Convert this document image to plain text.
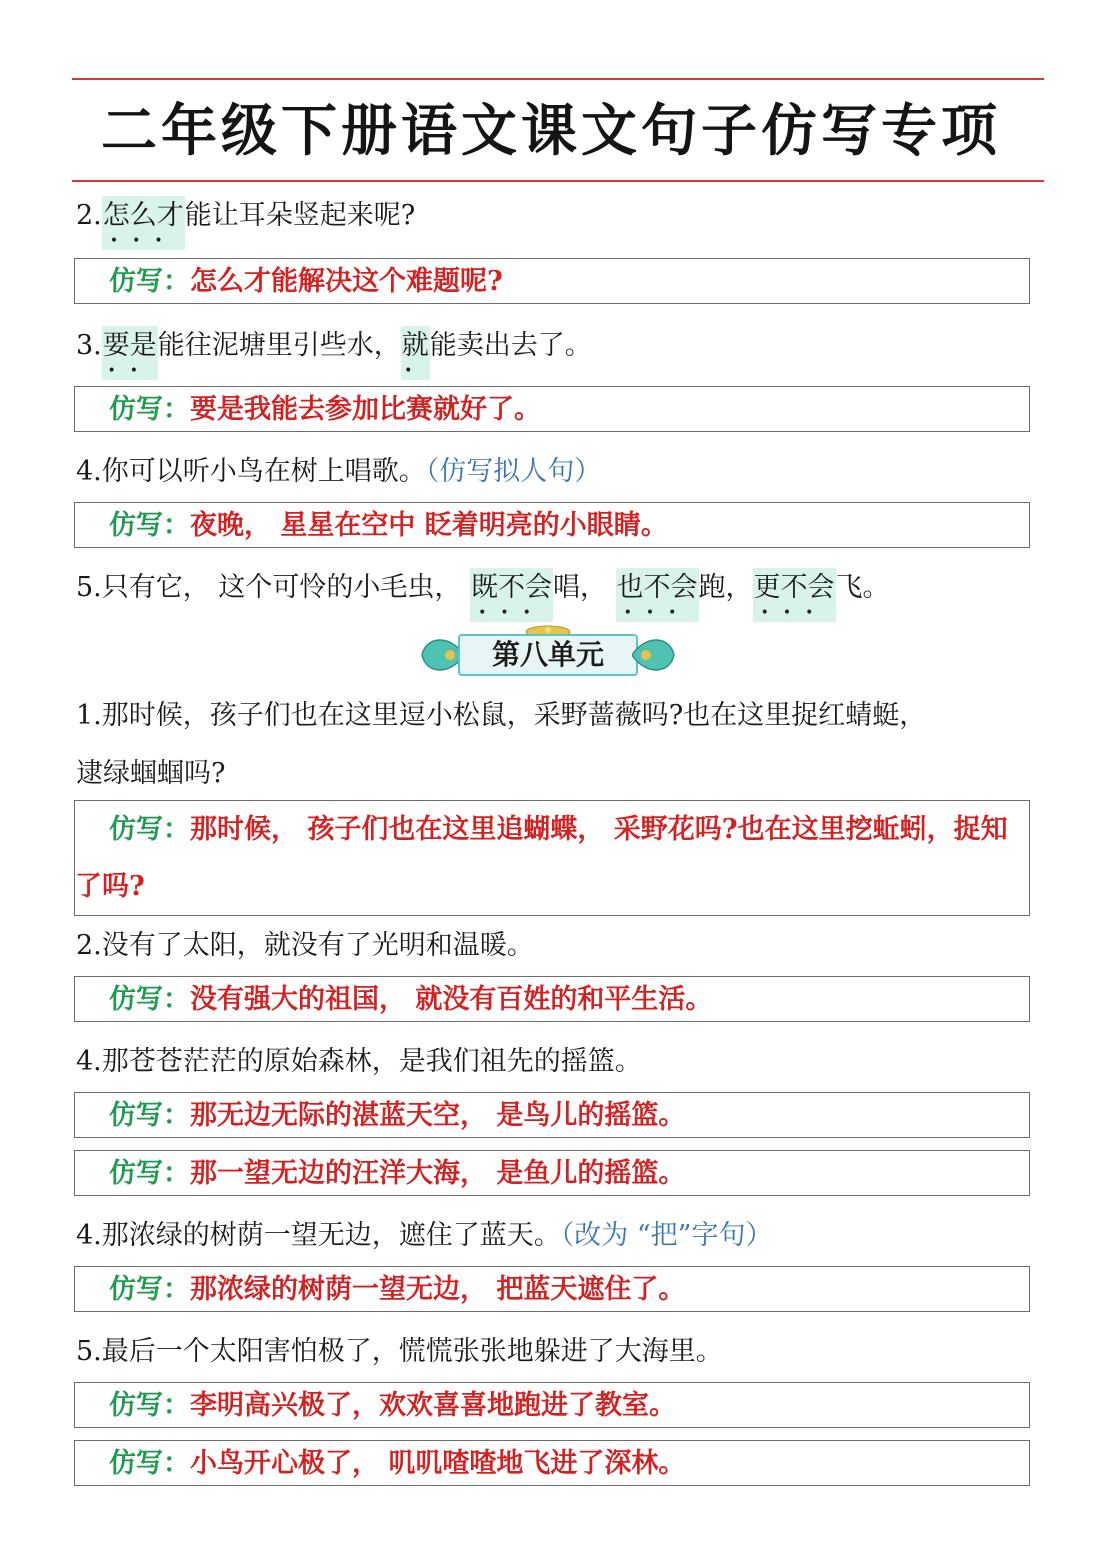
二年级下册语文课文句子仿写专项
2.怎么才
•••
能让耳朵竖起来呢?
仿写：怎么才能解决这个难题呢?
3.要是
••
能往泥塘里引些水，就
•
能卖出去了。
仿写：要是我能去参加比赛就好了。
4.你可以听小鸟在树上唱歌。（仿写拟人句）
仿写：夜晚， 星星在空中 眨着明亮的小眼睛。
5.只有它， 这个可怜的小毛虫， 既不会
•••
唱， 也不会
•••
跑，更不会
•••
飞。
第八单元
1.那时候，孩子们也在这里逗小松鼠，采野蔷薇吗?也在这里捉红蜻蜓，
逮绿蝈蝈吗?
仿写：那时候， 孩子们也在这里追蝴蝶， 采野花吗?也在这里挖蚯蚓，捉知了吗?
2.没有了太阳，就没有了光明和温暖。
仿写：没有强大的祖国， 就没有百姓的和平生活。
4.那苍苍茫茫的原始森林，是我们祖先的摇篮。
仿写：那无边无际的湛蓝天空， 是鸟儿的摇篮。
仿写：那一望无边的汪洋大海， 是鱼儿的摇篮。
4.那浓绿的树荫一望无边，遮住了蓝天。（改为 “把”字句）
仿写：那浓绿的树荫一望无边， 把蓝天遮住了。
5.最后一个太阳害怕极了，慌慌张张地躲进了大海里。
仿写：李明高兴极了，欢欢喜喜地跑进了教室。
仿写：小鸟开心极了， 叽叽喳喳地飞进了深林。
